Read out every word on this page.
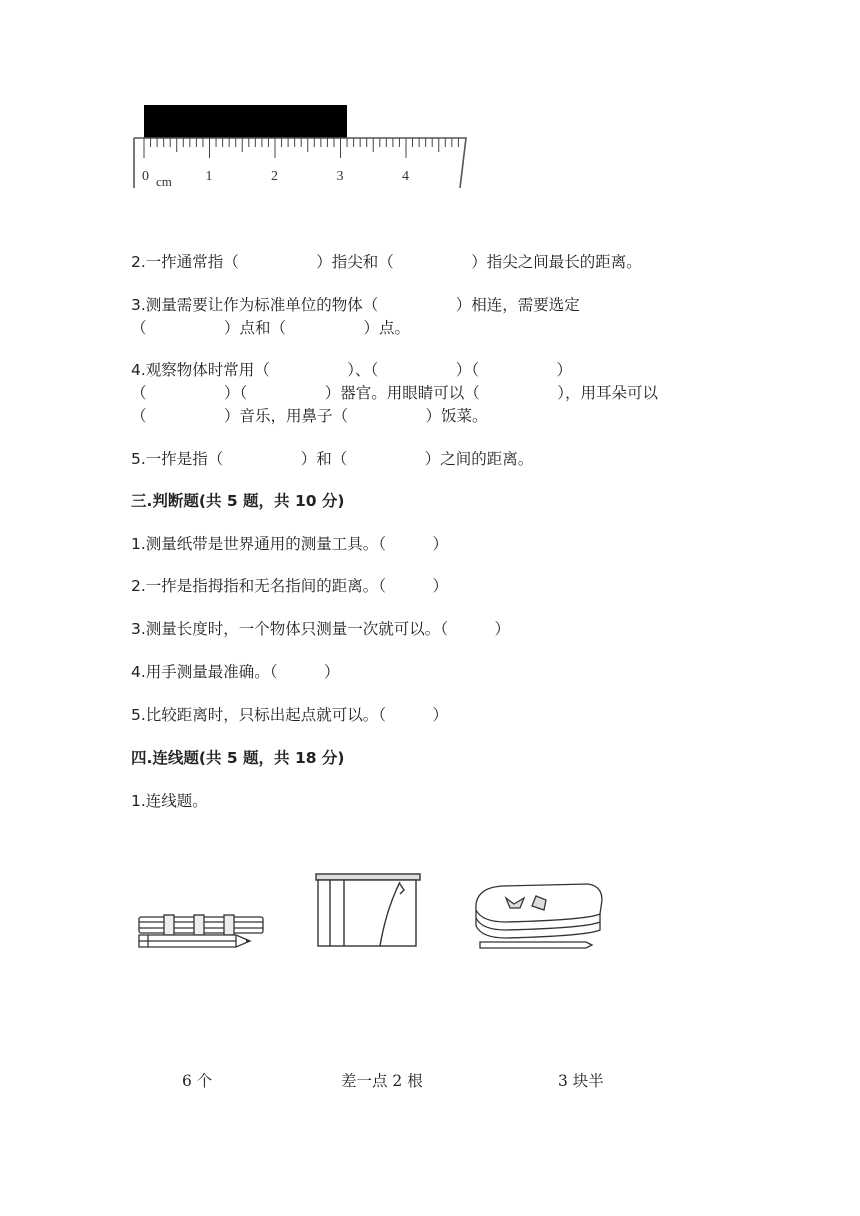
0	1	2	3	4
cm
2.一拃通常指（　　　　　）指尖和（　　　　　）指尖之间最长的距离。
3.测量需要让作为标准单位的物体（　　　　　）相连，需要选定
（　　　　　）点和（　　　　　）点。
4.观察物体时常用（　　　　　）、（　　　　　）（　　　　　）
（　　　　　）（　　　　　）器官。用眼睛可以（　　　　　），用耳朵可以
（　　　　　）音乐，用鼻子（　　　　　）饭菜。
5.一拃是指（　　　　　）和（　　　　　）之间的距离。
三.判断题(共 5 题，共 10 分)
1.测量纸带是世界通用的测量工具。（　　　）
2.一拃是指拇指和无名指间的距离。（　　　）
3.测量长度时，一个物体只测量一次就可以。（　　　）
4.用手测量最准确。（　　　）
5.比较距离时，只标出起点就可以。（　　　）
四.连线题(共 5 题，共 18 分)
1.连线题。
6 个	差一点 2 根	3 块半
